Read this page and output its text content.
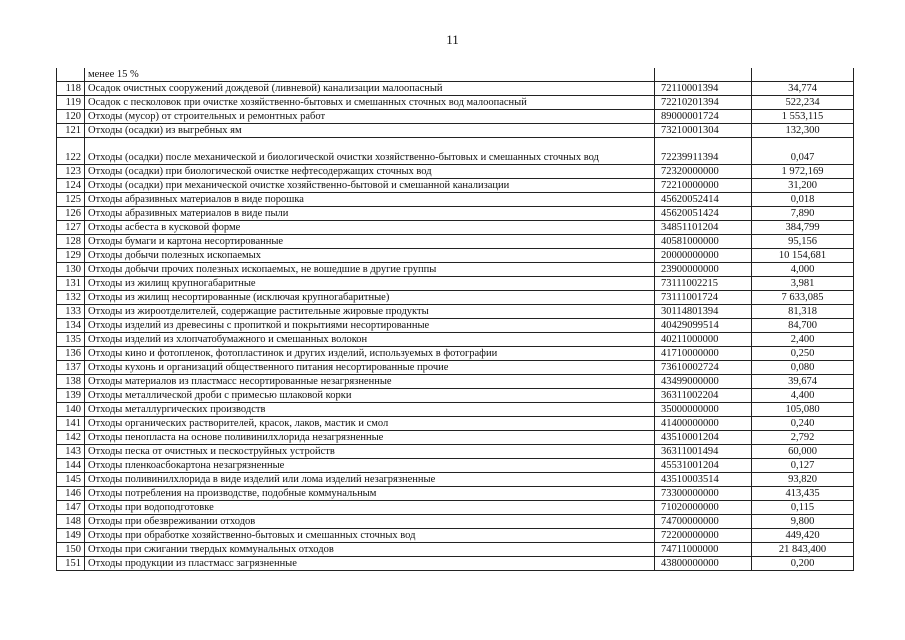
11
	менее 15 %		
118	Осадок очистных сооружений дождевой (ливневой) канализации малоопасный	72110001394	34,774
119	Осадок с песколовок при очистке хозяйственно-бытовых и смешанных сточных вод малоопасный	72210201394	522,234
120	Отходы (мусор) от строительных и ремонтных работ	89000001724	1 553,115
121	Отходы (осадки) из выгребных ям	73210001304	132,300
122	Отходы (осадки) после механической и биологической очистки хозяйственно-бытовых и смешанных сточных вод	72239911394	0,047
123	Отходы (осадки) при биологической очистке нефтесодержащих сточных вод	72320000000	1 972,169
124	Отходы (осадки) при механической очистке хозяйственно-бытовой и смешанной канализации	72210000000	31,200
125	Отходы абразивных материалов в виде порошка	45620052414	0,018
126	Отходы абразивных материалов в виде пыли	45620051424	7,890
127	Отходы асбеста в кусковой форме	34851101204	384,799
128	Отходы бумаги и картона несортированные	40581000000	95,156
129	Отходы добычи полезных ископаемых	20000000000	10 154,681
130	Отходы добычи прочих полезных ископаемых, не вошедшие в другие группы	23900000000	4,000
131	Отходы из жилищ крупногабаритные	73111002215	3,981
132	Отходы из жилищ несортированные (исключая крупногабаритные)	73111001724	7 633,085
133	Отходы из жироотделителей, содержащие растительные жировые продукты	30114801394	81,318
134	Отходы изделий из древесины с пропиткой и покрытиями несортированные	40429099514	84,700
135	Отходы изделий из хлопчатобумажного и смешанных волокон	40211000000	2,400
136	Отходы кино и фотопленок, фотопластинок и других изделий, используемых в фотографии	41710000000	0,250
137	Отходы кухонь и организаций общественного питания несортированные прочие	73610002724	0,080
138	Отходы материалов из пластмасс несортированные незагрязненные	43499000000	39,674
139	Отходы металлической дроби с примесью шлаковой корки	36311002204	4,400
140	Отходы металлургических производств	35000000000	105,080
141	Отходы органических растворителей, красок, лаков, мастик и смол	41400000000	0,240
142	Отходы пенопласта на основе поливинилхлорида незагрязненные	43510001204	2,792
143	Отходы песка от очистных и пескоструйных устройств	36311001494	60,000
144	Отходы пленкоасбокартона незагрязненные	45531001204	0,127
145	Отходы поливинилхлорида в виде изделий или лома изделий незагрязненные	43510003514	93,820
146	Отходы потребления на производстве, подобные коммунальным	73300000000	413,435
147	Отходы при водоподготовке	71020000000	0,115
148	Отходы при обезвреживании отходов	74700000000	9,800
149	Отходы при обработке хозяйственно-бытовых и смешанных сточных вод	72200000000	449,420
150	Отходы при сжигании твердых коммунальных отходов	74711000000	21 843,400
151	Отходы продукции из пластмасс загрязненные	43800000000	0,200
